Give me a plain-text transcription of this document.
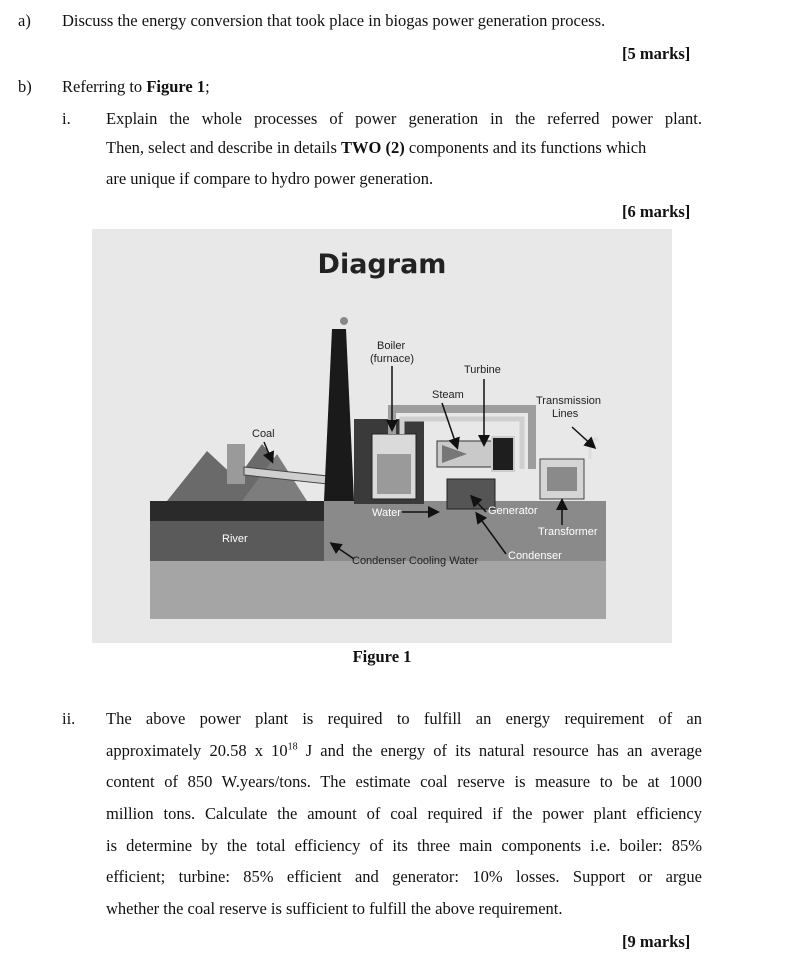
a) Discuss the energy conversion that took place in biogas power generation process.
[5 marks]
b) Referring to Figure 1;
i. Explain the whole processes of power generation in the referred power plant.
Then, select and describe in details TWO (2) components and its functions which
are unique if compare to hydro power generation.
[6 marks]
Diagram
Boiler
(furnace)
Turbine
Steam	Transmission
Lines
Coal
Water	Generator
Transformer
River
Condenser Cooling Water	Condenser
Figure 1
ii. The above power plant is required to fulfill an energy requirement of an
approximately 20.58 x $10^{18}$ J and the energy of its natural resource has an average
content of 850 W.years/tons. The estimate coal reserve is measure to be at 1000
million tons. Calculate the amount of coal required if the power plant efficiency
is determine by the total efficiency of its three main components i.e. boiler: 85%
efficient; turbine: 85% efficient and generator: 10% losses. Support or argue
whether the coal reserve is sufficient to fulfill the above requirement.
[9 marks]
